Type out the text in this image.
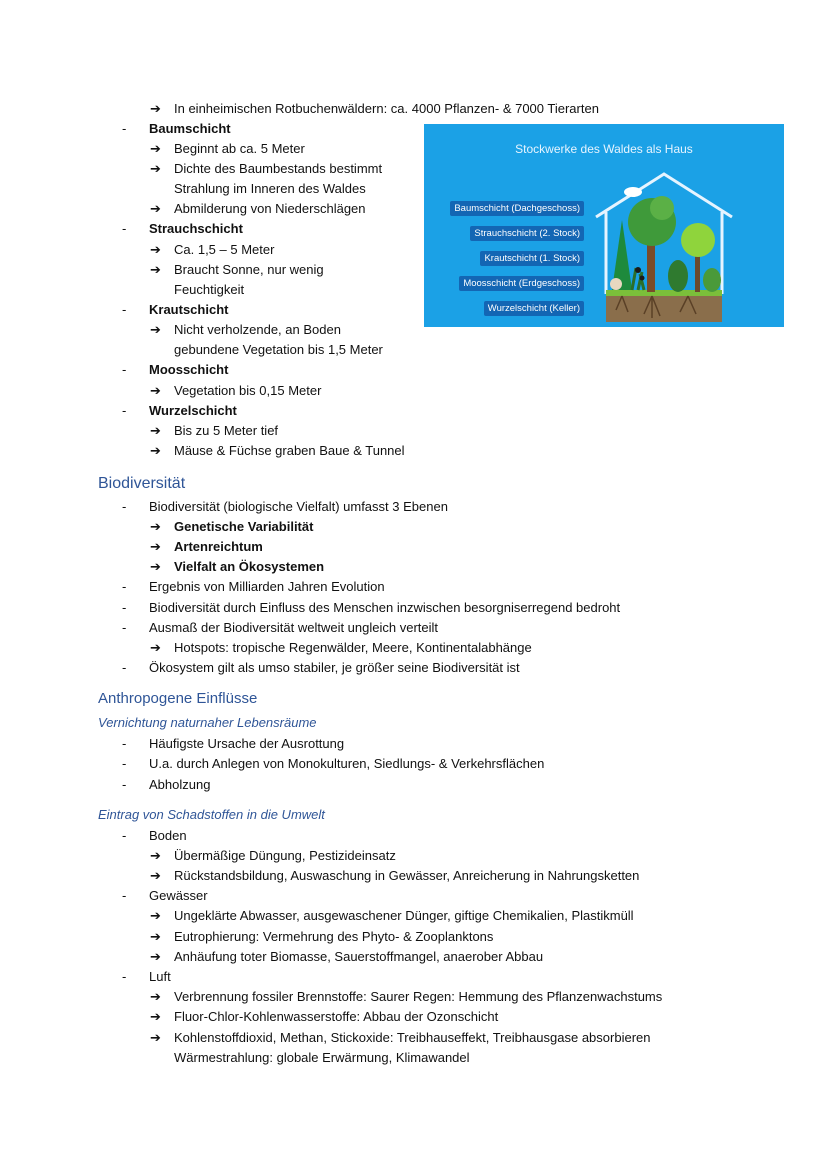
➔ In einheimischen Rotbuchenwäldern: ca. 4000 Pflanzen- & 7000 Tierarten
- Baumschicht
➔ Beginnt ab ca. 5 Meter
➔ Dichte des Baumbestands bestimmt
Strahlung im Inneren des Waldes
➔ Abmilderung von Niederschlägen
- Strauchschicht
➔ Ca. 1,5 – 5 Meter
➔ Braucht Sonne, nur wenig
Feuchtigkeit
- Krautschicht
➔ Nicht verholzende, an Boden
gebundene Vegetation bis 1,5 Meter
- Moosschicht
➔ Vegetation bis 0,15 Meter
- Wurzelschicht
➔ Bis zu 5 Meter tief
➔ Mäuse & Füchse graben Baue & Tunnel
Stockwerke des Waldes als Haus
Baumschicht (Dachgeschoss)
Strauchschicht (2. Stock)
Krautschicht (1. Stock)
Moosschicht (Erdgeschoss)
Wurzelschicht (Keller)
Biodiversität
- Biodiversität (biologische Vielfalt) umfasst 3 Ebenen
➔ Genetische Variabilität
➔ Artenreichtum
➔ Vielfalt an Ökosystemen
- Ergebnis von Milliarden Jahren Evolution
- Biodiversität durch Einfluss des Menschen inzwischen besorgniserregend bedroht
- Ausmaß der Biodiversität weltweit ungleich verteilt
➔ Hotspots: tropische Regenwälder, Meere, Kontinentalabhänge
- Ökosystem gilt als umso stabiler, je größer seine Biodiversität ist
Anthropogene Einflüsse
Vernichtung naturnaher Lebensräume
- Häufigste Ursache der Ausrottung
- U.a. durch Anlegen von Monokulturen, Siedlungs- & Verkehrsflächen
- Abholzung
Eintrag von Schadstoffen in die Umwelt
- Boden
➔ Übermäßige Düngung, Pestizideinsatz
➔ Rückstandsbildung, Auswaschung in Gewässer, Anreicherung in Nahrungsketten
- Gewässer
➔ Ungeklärte Abwasser, ausgewaschener Dünger, giftige Chemikalien, Plastikmüll
➔ Eutrophierung: Vermehrung des Phyto- & Zooplanktons
➔ Anhäufung toter Biomasse, Sauerstoffmangel, anaerober Abbau
- Luft
➔ Verbrennung fossiler Brennstoffe: Saurer Regen: Hemmung des Pflanzenwachstums
➔ Fluor-Chlor-Kohlenwasserstoffe: Abbau der Ozonschicht
➔ Kohlenstoffdioxid, Methan, Stickoxide: Treibhauseffekt, Treibhausgase absorbieren
Wärmestrahlung: globale Erwärmung, Klimawandel
